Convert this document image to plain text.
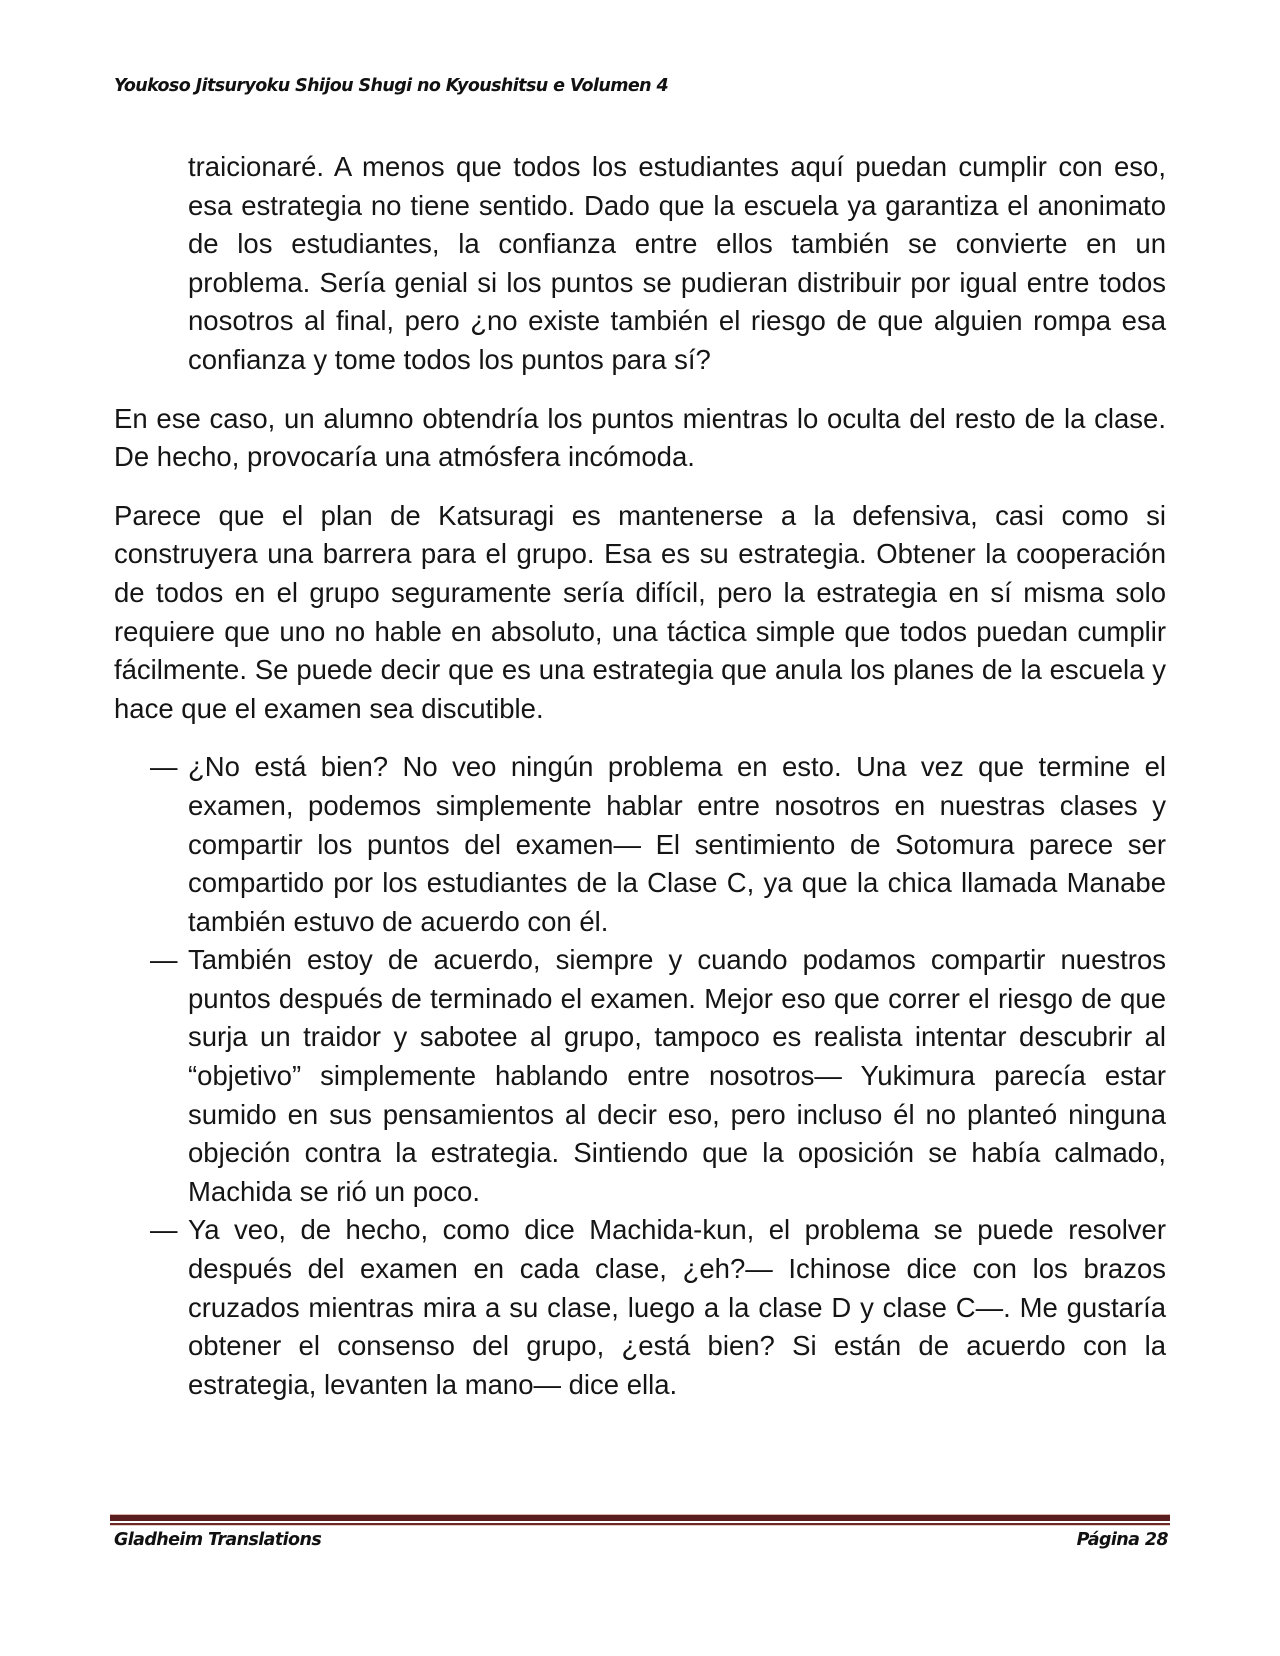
Youkoso Jitsuryoku Shijou Shugi no Kyoushitsu e Volumen 4

traicionaré. A menos que todos los estudiantes aquí puedan cumplir con eso, esa estrategia no tiene sentido. Dado que la escuela ya garantiza el anonimato de los estudiantes, la confianza entre ellos también se convierte en un problema. Sería genial si los puntos se pudieran distribuir por igual entre todos nosotros al final, pero ¿no existe también el riesgo de que alguien rompa esa confianza y tome todos los puntos para sí?

En ese caso, un alumno obtendría los puntos mientras lo oculta del resto de la clase. De hecho, provocaría una atmósfera incómoda.

Parece que el plan de Katsuragi es mantenerse a la defensiva, casi como si construyera una barrera para el grupo. Esa es su estrategia. Obtener la cooperación de todos en el grupo seguramente sería difícil, pero la estrategia en sí misma solo requiere que uno no hable en absoluto, una táctica simple que todos puedan cumplir fácilmente. Se puede decir que es una estrategia que anula los planes de la escuela y hace que el examen sea discutible.

— ¿No está bien? No veo ningún problema en esto. Una vez que termine el examen, podemos simplemente hablar entre nosotros en nuestras clases y compartir los puntos del examen— El sentimiento de Sotomura parece ser compartido por los estudiantes de la Clase C, ya que la chica llamada Manabe también estuvo de acuerdo con él.
— También estoy de acuerdo, siempre y cuando podamos compartir nuestros puntos después de terminado el examen. Mejor eso que correr el riesgo de que surja un traidor y sabotee al grupo, tampoco es realista intentar descubrir al “objetivo” simplemente hablando entre nosotros— Yukimura parecía estar sumido en sus pensamientos al decir eso, pero incluso él no planteó ninguna objeción contra la estrategia. Sintiendo que la oposición se había calmado, Machida se rió un poco.
— Ya veo, de hecho, como dice Machida-kun, el problema se puede resolver después del examen en cada clase, ¿eh?— Ichinose dice con los brazos cruzados mientras mira a su clase, luego a la clase D y clase C—. Me gustaría obtener el consenso del grupo, ¿está bien? Si están de acuerdo con la estrategia, levanten la mano— dice ella.
Gladheim Translations	Página 28
